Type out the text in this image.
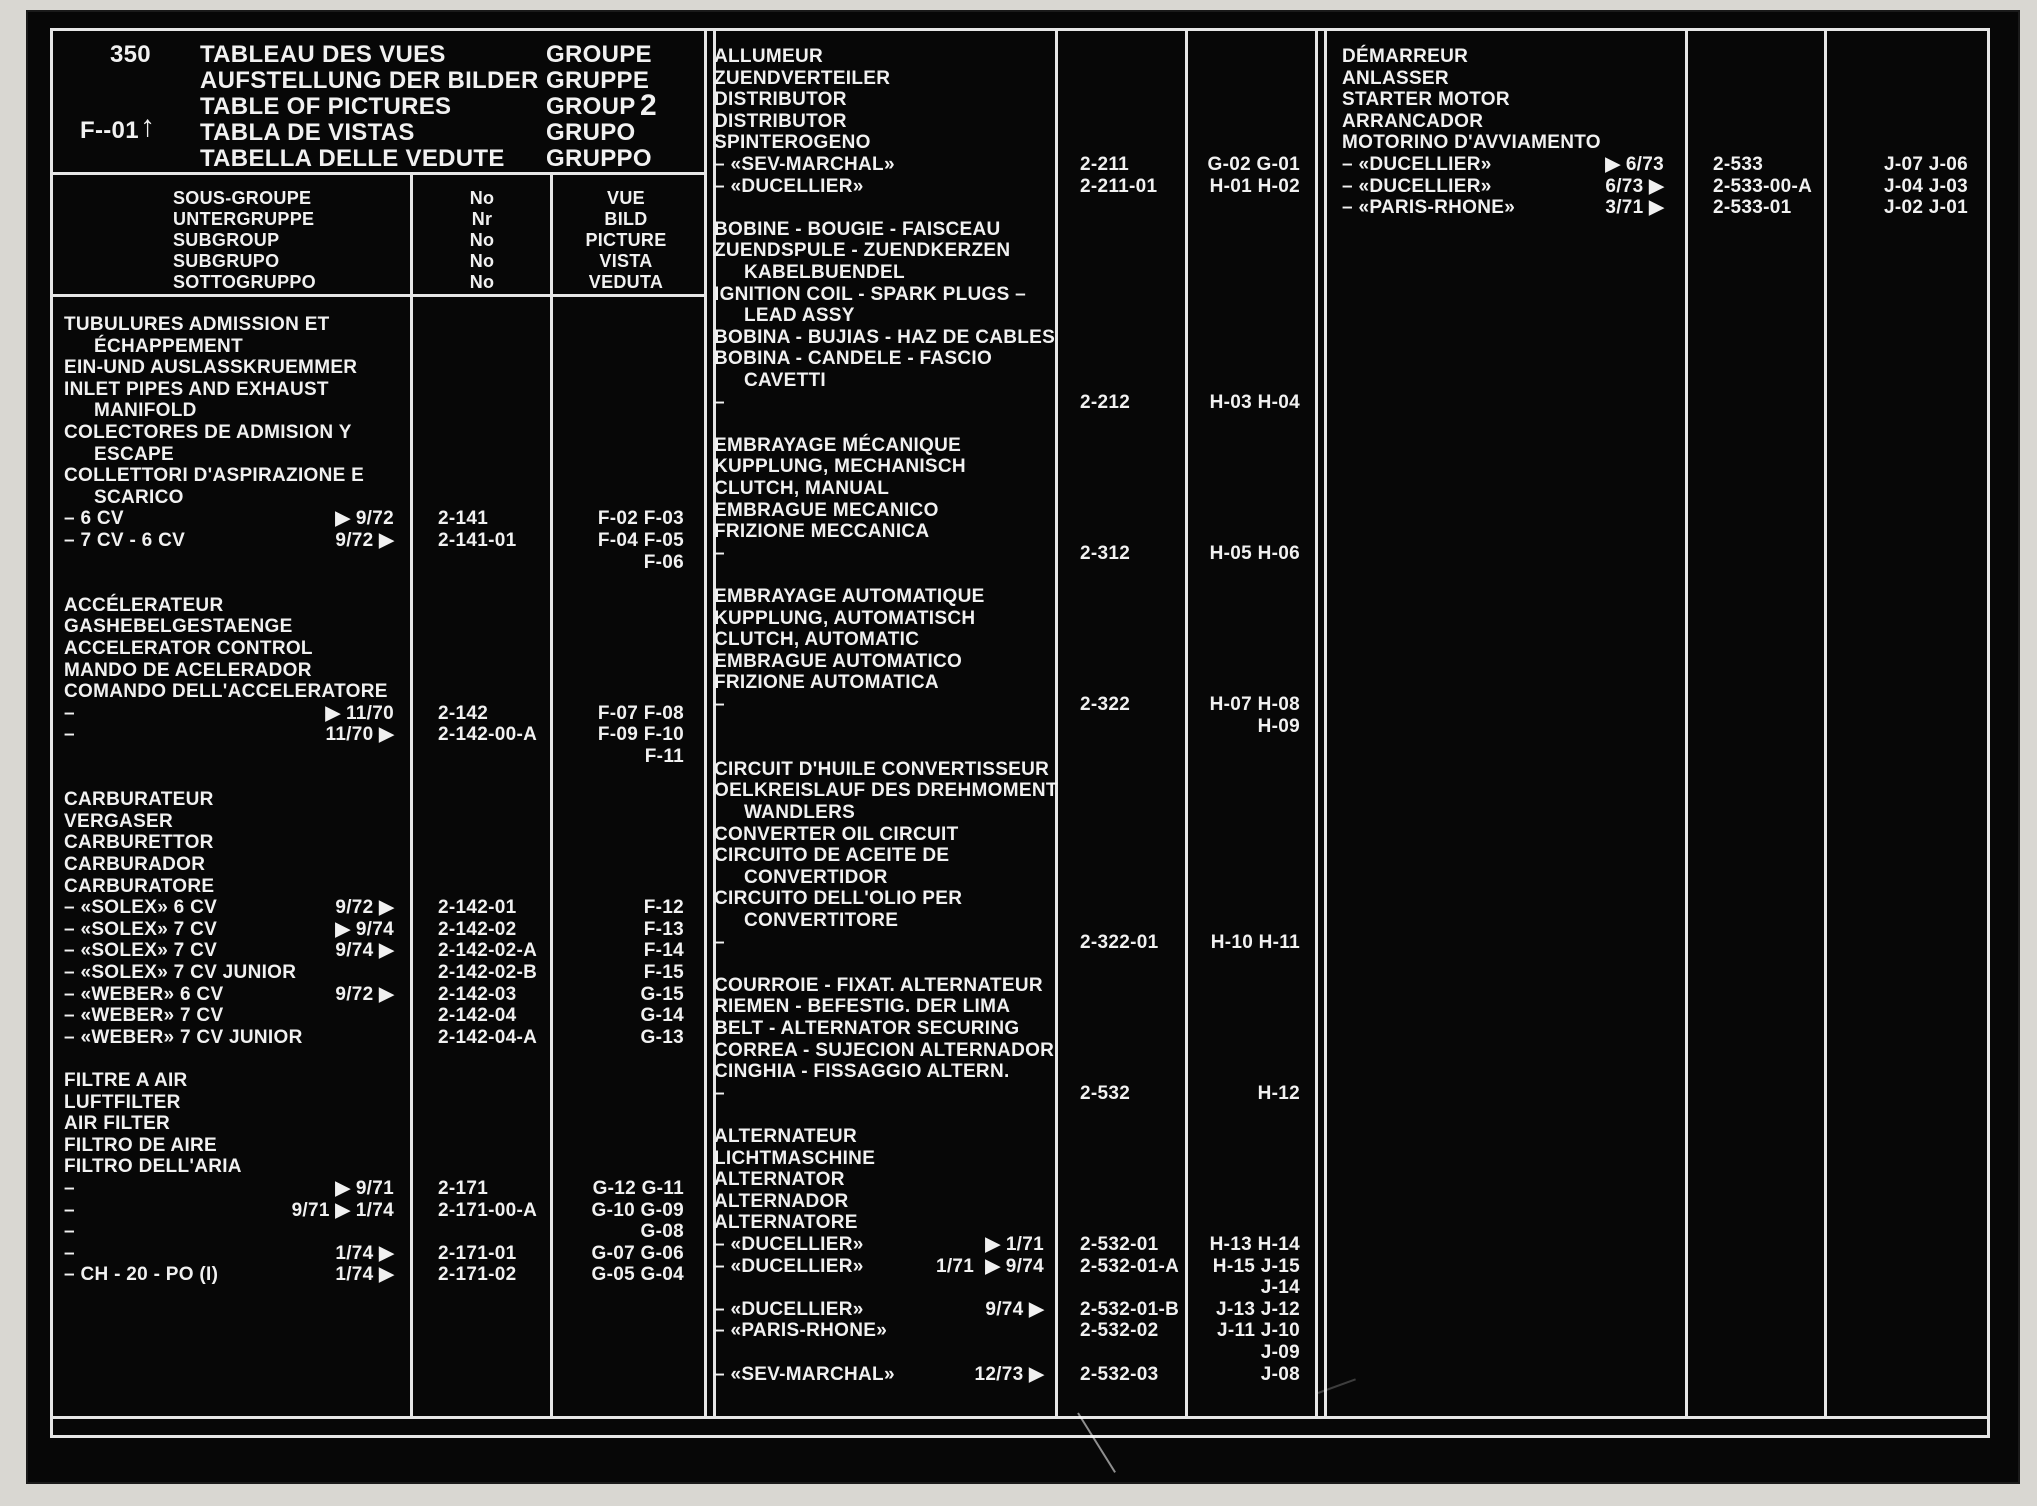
350
F--01 ↑
2
TABLEAU DES VUES
AUFSTELLUNG DER BILDER
TABLE OF PICTURES
TABLA DE VISTAS
TABELLA DELLE VEDUTE
GROUPE
GRUPPE
GROUP
GRUPO
GRUPPO
SOUS-GROUPE
UNTERGRUPPE
SUBGROUP
SUBGRUPO
SOTTOGRUPPO
No
Nr
No
No
No
VUE
BILD
PICTURE
VISTA
VEDUTA
TUBULURES ADMISSION ET
ÉCHAPPEMENT
EIN-UND AUSLASSKRUEMMER
INLET PIPES AND EXHAUST
MANIFOLD
COLECTORES DE ADMISION Y
ESCAPE
COLLETTORI D'ASPIRAZIONE E
SCARICO
– 6 CV	▶ 9/72 2-141	F-02 F-03
– 7 CV - 6 CV	9/72 ▶ 2-141-01	F-04 F-05
F-06
ACCÉLERATEUR
GASHEBELGESTAENGE
ACCELERATOR CONTROL
MANDO DE ACELERADOR
COMANDO DELL'ACCELERATORE
–	▶ 11/70 2-142	F-07 F-08
–	11/70 ▶ 2-142-00-A	F-09 F-10
F-11
CARBURATEUR
VERGASER
CARBURETTOR
CARBURADOR
CARBURATORE
– «SOLEX» 6 CV	9/72 ▶ 2-142-01	F-12
– «SOLEX» 7 CV	▶ 9/74 2-142-02	F-13
– «SOLEX» 7 CV	9/74 ▶ 2-142-02-A	F-14
– «SOLEX» 7 CV JUNIOR	2-142-02-B	F-15
– «WEBER» 6 CV	9/72 ▶ 2-142-03	G-15
– «WEBER» 7 CV	2-142-04	G-14
– «WEBER» 7 CV JUNIOR	2-142-04-A	G-13
FILTRE A AIR
LUFTFILTER
AIR FILTER
FILTRO DE AIRE
FILTRO DELL'ARIA
–	▶ 9/71 2-171	G-12 G-11
–	9/71 ▶ 1/74 2-171-00-A	G-10 G-09
–	G-08
–	1/74 ▶ 2-171-01	G-07 G-06
– CH - 20 - PO (I)	1/74 ▶ 2-171-02	G-05 G-04
ALLUMEUR
ZUENDVERTEILER
DISTRIBUTOR
DISTRIBUTOR
SPINTEROGENO
– «SEV-MARCHAL»	2-211	G-02 G-01
– «DUCELLIER»	2-211-01	H-01 H-02
BOBINE - BOUGIE - FAISCEAU
ZUENDSPULE - ZUENDKERZEN
KABELBUENDEL
IGNITION COIL - SPARK PLUGS –
LEAD ASSY
BOBINA - BUJIAS - HAZ DE CABLES
BOBINA - CANDELE - FASCIO
CAVETTI
–	2-212	H-03 H-04
EMBRAYAGE MÉCANIQUE
KUPPLUNG, MECHANISCH
CLUTCH, MANUAL
EMBRAGUE MECANICO
FRIZIONE MECCANICA
–	2-312	H-05 H-06
EMBRAYAGE AUTOMATIQUE
KUPPLUNG, AUTOMATISCH
CLUTCH, AUTOMATIC
EMBRAGUE AUTOMATICO
FRIZIONE AUTOMATICA
–	2-322	H-07 H-08
H-09
CIRCUIT D'HUILE CONVERTISSEUR
OELKREISLAUF DES DREHMOMENT
WANDLERS
CONVERTER OIL CIRCUIT
CIRCUITO DE ACEITE DE
CONVERTIDOR
CIRCUITO DELL'OLIO PER
CONVERTITORE
–	2-322-01	H-10 H-11
COURROIE - FIXAT. ALTERNATEUR
RIEMEN - BEFESTIG. DER LIMA
BELT - ALTERNATOR SECURING
CORREA - SUJECION ALTERNADOR
CINGHIA - FISSAGGIO ALTERN.
–	2-532	H-12
ALTERNATEUR
LICHTMASCHINE
ALTERNATOR
ALTERNADOR
ALTERNATORE
– «DUCELLIER»	▶ 1/71 2-532-01	H-13 H-14
– «DUCELLIER»	1/71  ▶ 9/74 2-532-01-A	H-15 J-15
J-14
– «DUCELLIER»	9/74 ▶ 2-532-01-B	J-13 J-12
– «PARIS-RHONE»	2-532-02	J-11 J-10
J-09
– «SEV-MARCHAL»	12/73 ▶ 2-532-03	J-08
DÉMARREUR
ANLASSER
STARTER MOTOR
ARRANCADOR
MOTORINO D'AVVIAMENTO
– «DUCELLIER»	▶ 6/73	2-533	J-07 J-06
– «DUCELLIER»	6/73 ▶	2-533-00-A	J-04 J-03
– «PARIS-RHONE»	3/71 ▶	2-533-01	J-02 J-01
